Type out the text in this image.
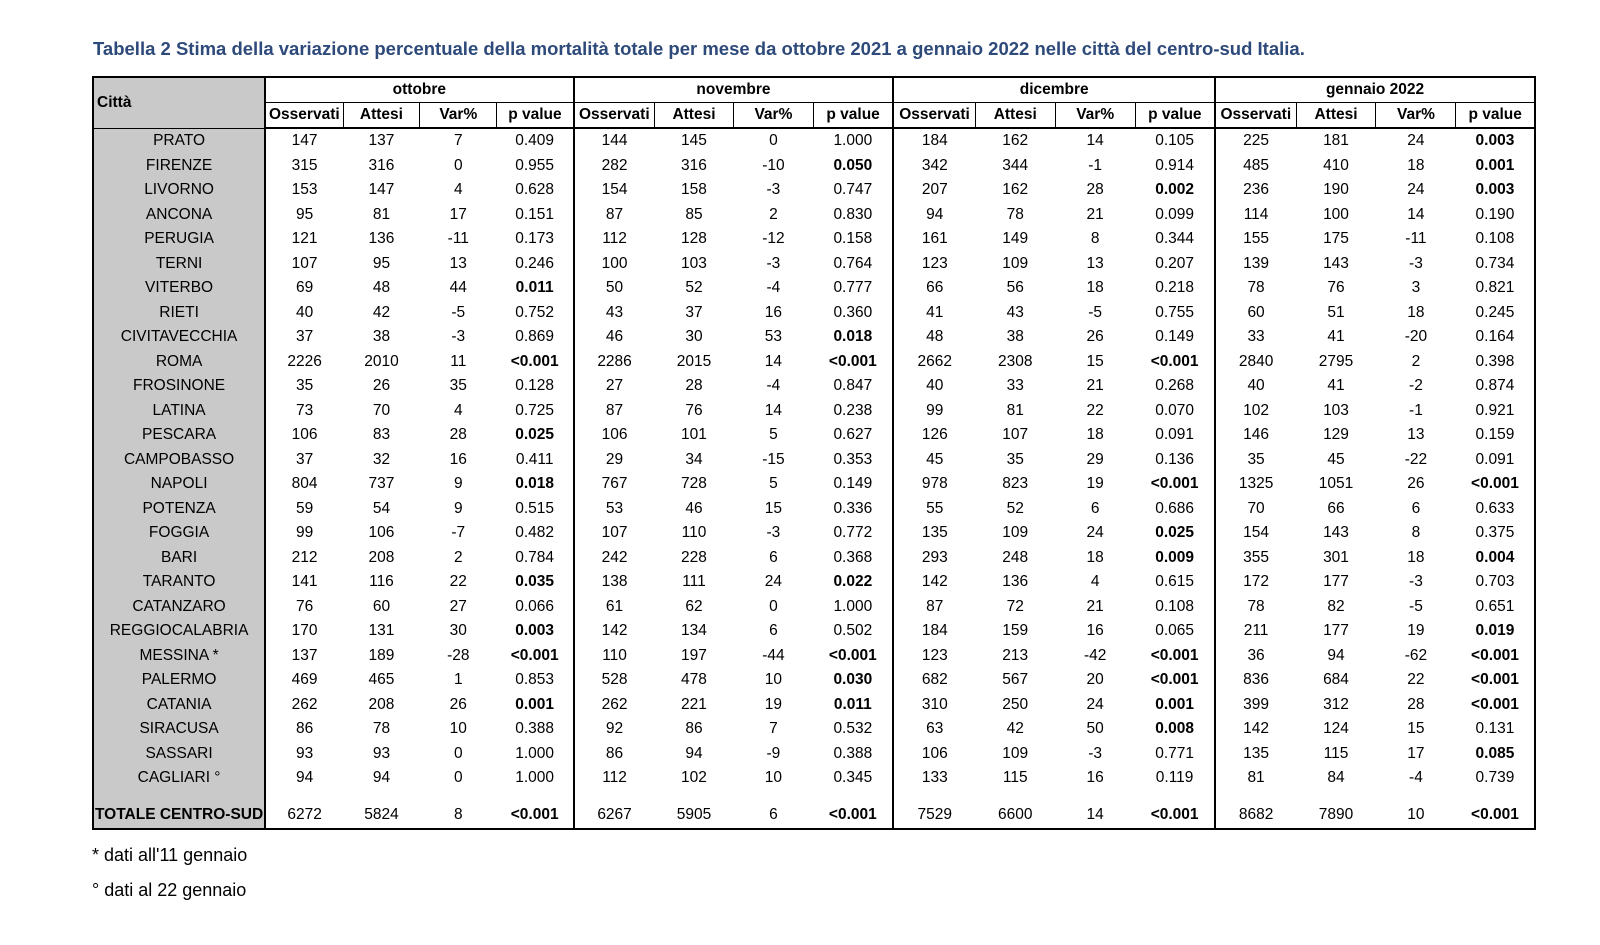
Tabella 2 Stima della variazione percentuale della mortalità totale per mese da ottobre 2021 a gennaio 2022 nelle città del centro-sud Italia.
Città	ottobre				novembre				dicembre				gennaio 2022			
	Osservati	Attesi	Var%	p value	Osservati	Attesi	Var%	p value	Osservati	Attesi	Var%	p value	Osservati	Attesi	Var%	p value
PRATO	147	137	7	0.409	144	145	0	1.000	184	162	14	0.105	225	181	24	0.003
FIRENZE	315	316	0	0.955	282	316	-10	0.050	342	344	-1	0.914	485	410	18	0.001
LIVORNO	153	147	4	0.628	154	158	-3	0.747	207	162	28	0.002	236	190	24	0.003
ANCONA	95	81	17	0.151	87	85	2	0.830	94	78	21	0.099	114	100	14	0.190
PERUGIA	121	136	-11	0.173	112	128	-12	0.158	161	149	8	0.344	155	175	-11	0.108
TERNI	107	95	13	0.246	100	103	-3	0.764	123	109	13	0.207	139	143	-3	0.734
VITERBO	69	48	44	0.011	50	52	-4	0.777	66	56	18	0.218	78	76	3	0.821
RIETI	40	42	-5	0.752	43	37	16	0.360	41	43	-5	0.755	60	51	18	0.245
CIVITAVECCHIA	37	38	-3	0.869	46	30	53	0.018	48	38	26	0.149	33	41	-20	0.164
ROMA	2226	2010	11	<0.001	2286	2015	14	<0.001	2662	2308	15	<0.001	2840	2795	2	0.398
FROSINONE	35	26	35	0.128	27	28	-4	0.847	40	33	21	0.268	40	41	-2	0.874
LATINA	73	70	4	0.725	87	76	14	0.238	99	81	22	0.070	102	103	-1	0.921
PESCARA	106	83	28	0.025	106	101	5	0.627	126	107	18	0.091	146	129	13	0.159
CAMPOBASSO	37	32	16	0.411	29	34	-15	0.353	45	35	29	0.136	35	45	-22	0.091
NAPOLI	804	737	9	0.018	767	728	5	0.149	978	823	19	<0.001	1325	1051	26	<0.001
POTENZA	59	54	9	0.515	53	46	15	0.336	55	52	6	0.686	70	66	6	0.633
FOGGIA	99	106	-7	0.482	107	110	-3	0.772	135	109	24	0.025	154	143	8	0.375
BARI	212	208	2	0.784	242	228	6	0.368	293	248	18	0.009	355	301	18	0.004
TARANTO	141	116	22	0.035	138	111	24	0.022	142	136	4	0.615	172	177	-3	0.703
CATANZARO	76	60	27	0.066	61	62	0	1.000	87	72	21	0.108	78	82	-5	0.651
REGGIOCALABRIA	170	131	30	0.003	142	134	6	0.502	184	159	16	0.065	211	177	19	0.019
MESSINA *	137	189	-28	<0.001	110	197	-44	<0.001	123	213	-42	<0.001	36	94	-62	<0.001
PALERMO	469	465	1	0.853	528	478	10	0.030	682	567	20	<0.001	836	684	22	<0.001
CATANIA	262	208	26	0.001	262	221	19	0.011	310	250	24	0.001	399	312	28	<0.001
SIRACUSA	86	78	10	0.388	92	86	7	0.532	63	42	50	0.008	142	124	15	0.131
SASSARI	93	93	0	1.000	86	94	-9	0.388	106	109	-3	0.771	135	115	17	0.085
CAGLIARI °	94	94	0	1.000	112	102	10	0.345	133	115	16	0.119	81	84	-4	0.739

TOTALE CENTRO-SUD	6272	5824	8	<0.001	6267	5905	6	<0.001	7529	6600	14	<0.001	8682	7890	10	<0.001
* dati all'11 gennaio
° dati al 22 gennaio
